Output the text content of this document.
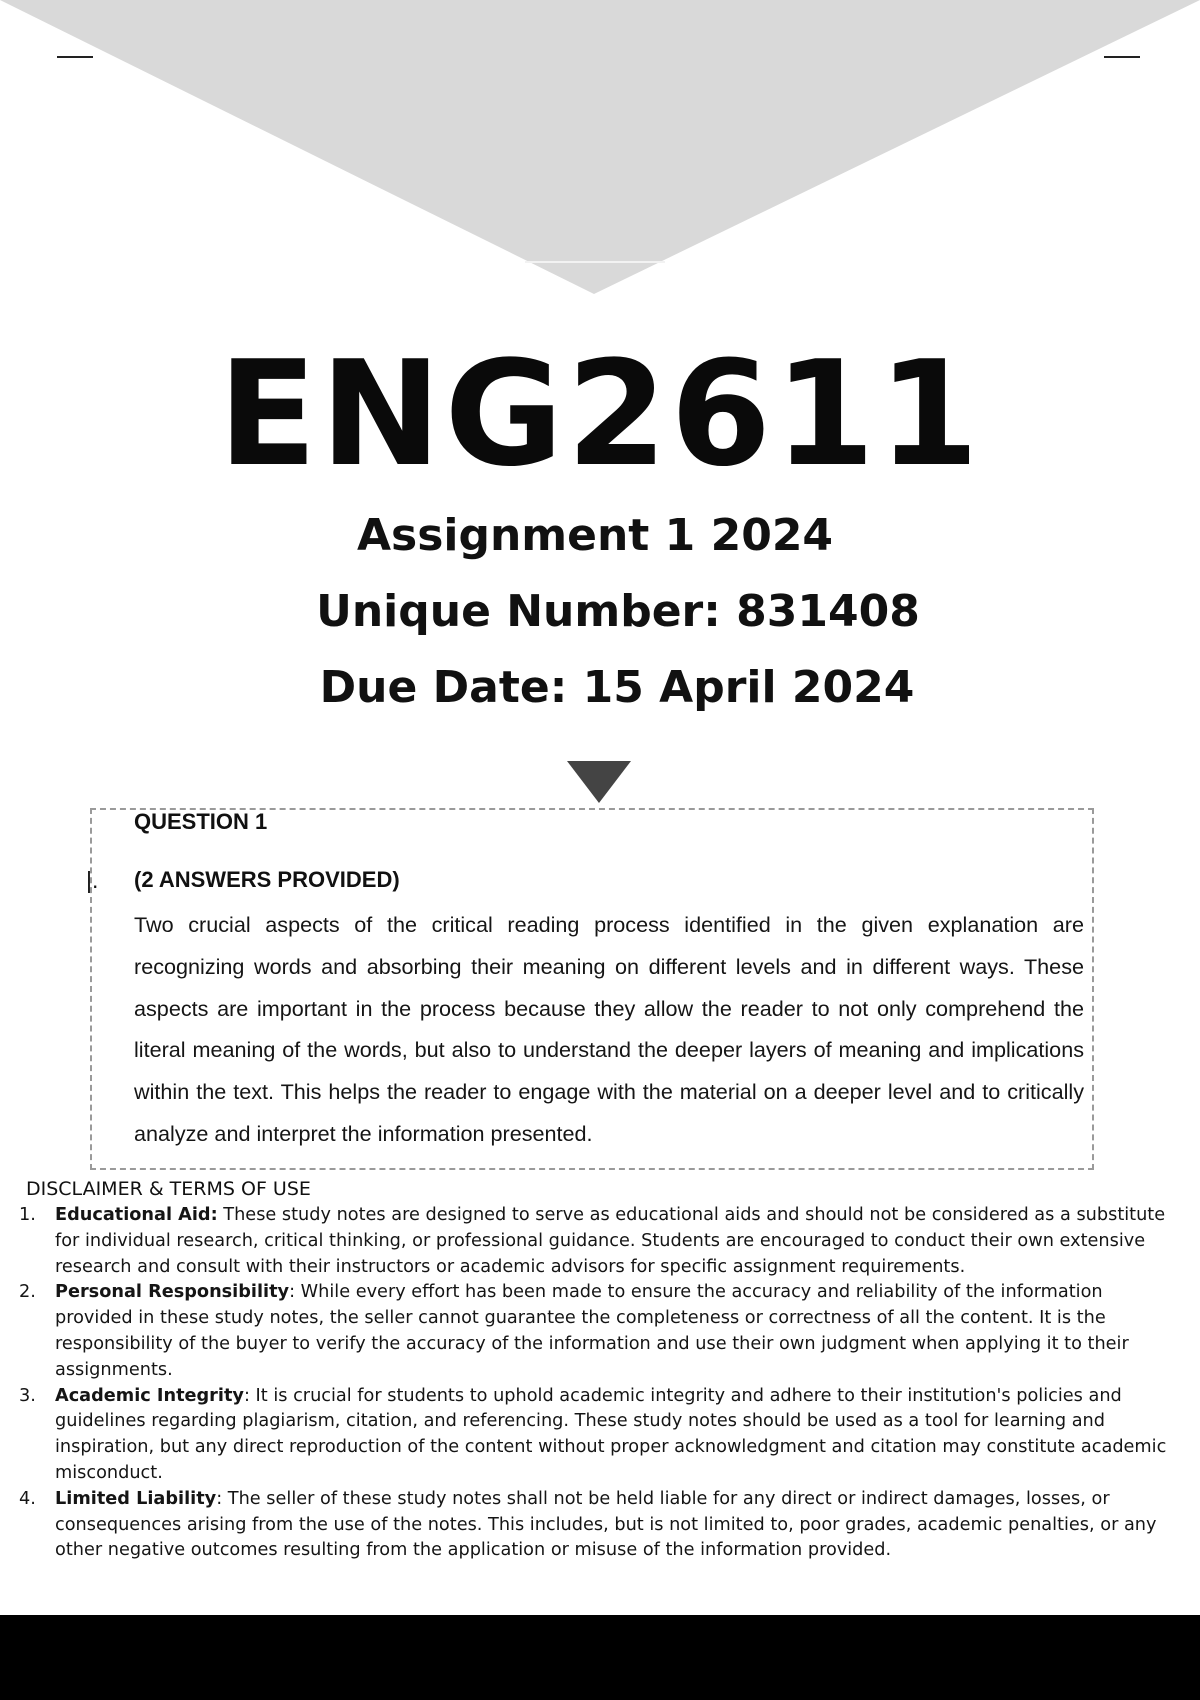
ENG2611
Assignment 1 2024
Unique Number: 831408
Due Date: 15 April 2024
QUESTION 1
|. (2 ANSWERS PROVIDED)

Two crucial aspects of the critical reading process identified in the given explanation are recognizing words and absorbing their meaning on different levels and in different ways. These aspects are important in the process because they allow the reader to not only comprehend the literal meaning of the words, but also to understand the deeper layers of meaning and implications within the text. This helps the reader to engage with the material on a deeper level and to critically analyze and interpret the information presented.

DISCLAIMER & TERMS OF USE
1. Educational Aid: These study notes are designed to serve as educational aids and should not be considered as a substitute for individual research, critical thinking, or professional guidance. Students are encouraged to conduct their own extensive research and consult with their instructors or academic advisors for specific assignment requirements.
2. Personal Responsibility: While every effort has been made to ensure the accuracy and reliability of the information provided in these study notes, the seller cannot guarantee the completeness or correctness of all the content. It is the responsibility of the buyer to verify the accuracy of the information and use their own judgment when applying it to their assignments.
3. Academic Integrity: It is crucial for students to uphold academic integrity and adhere to their institution's policies and guidelines regarding plagiarism, citation, and referencing. These study notes should be used as a tool for learning and inspiration, but any direct reproduction of the content without proper acknowledgment and citation may constitute academic misconduct.
4. Limited Liability: The seller of these study notes shall not be held liable for any direct or indirect damages, losses, or consequences arising from the use of the notes. This includes, but is not limited to, poor grades, academic penalties, or any other negative outcomes resulting from the application or misuse of the information provided.
